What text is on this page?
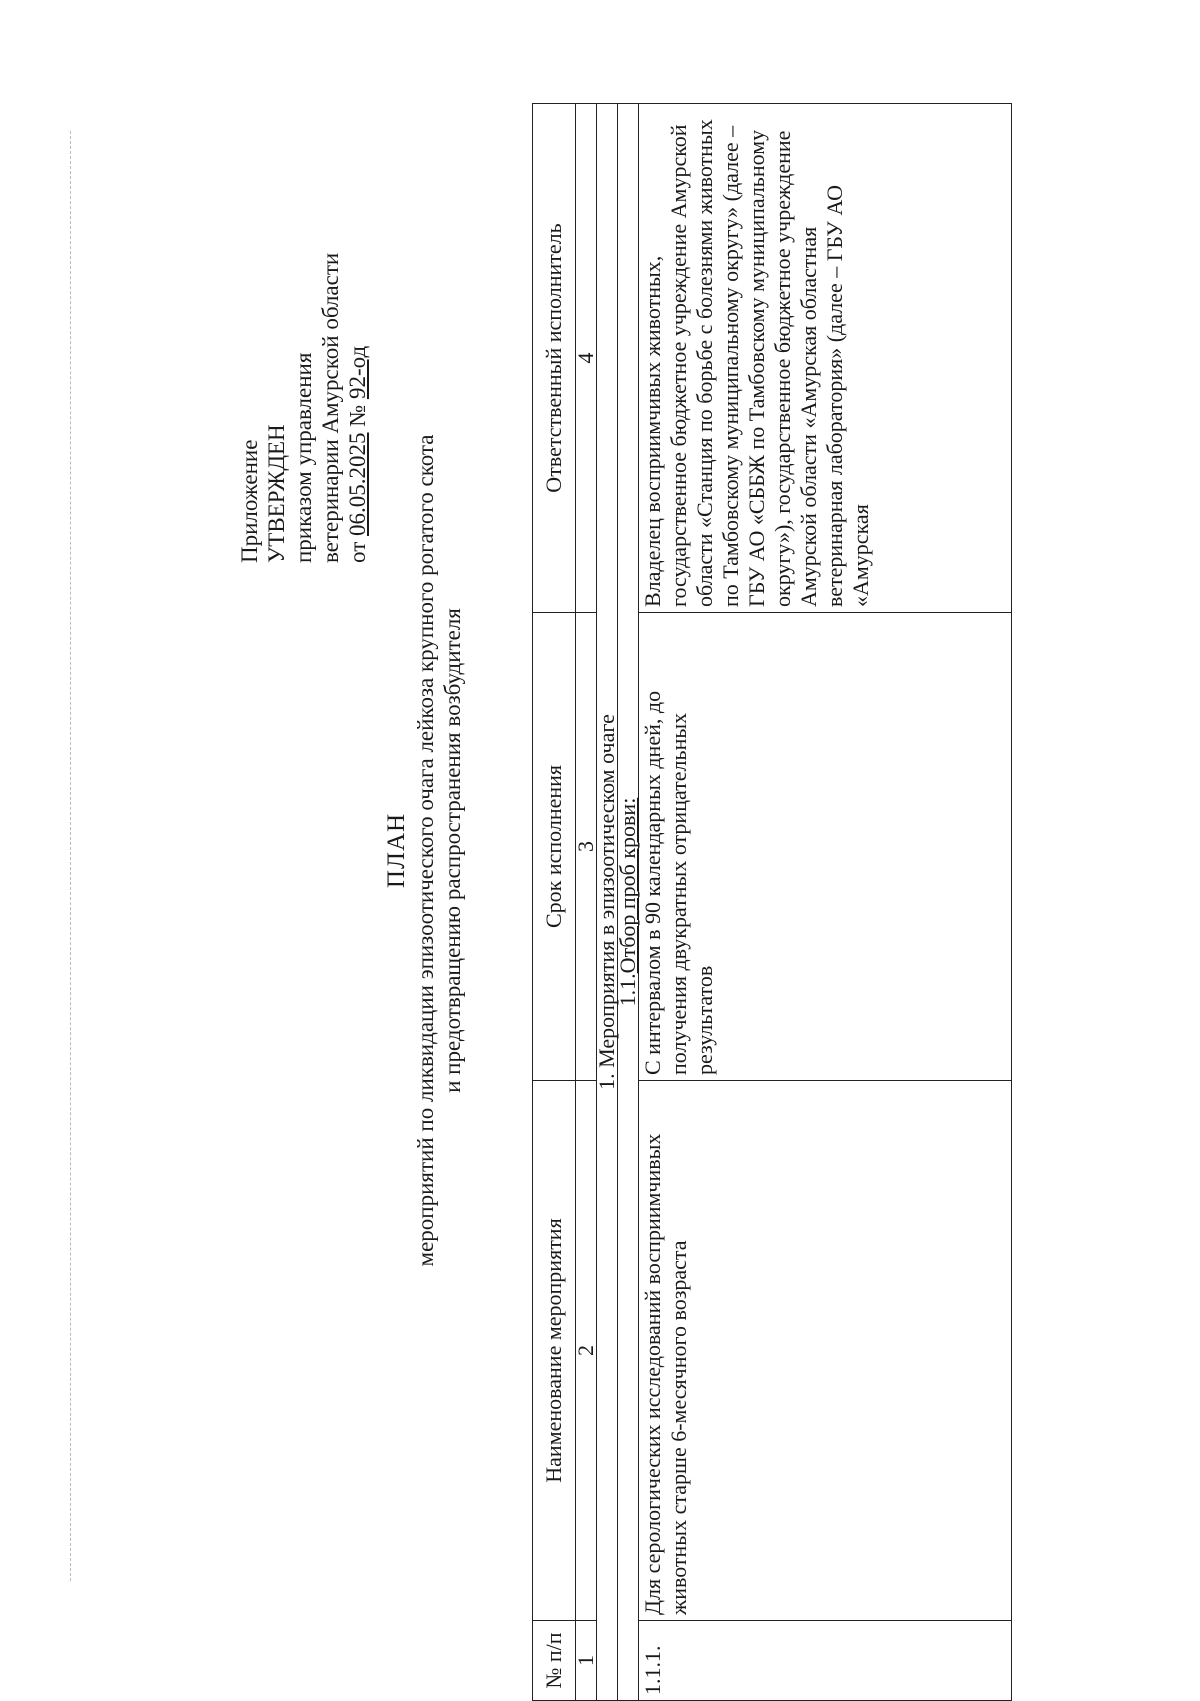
Приложение УТВЕРЖДЕН приказом управления ветеринарии Амурской области от 06.05.2025 № 92-од
ПЛАН мероприятий по ликвидации эпизоотического очага лейкоза крупного рогатого скота и предотвращению распространения возбудителя
№ п/п	Наименование мероприятия	Срок исполнения	Ответственный исполнитель
1	2	3	4
1. Мероприятия в эпизоотическом очаге			
1.1.Отбор проб крови:			
1.1.1.	Для серологических исследований восприимчивых животных старше 6-месячного возраста	С интервалом в 90 календарных дней, до получения двукратных отрицательных результатов	Владелец восприимчивых животных, государственное бюджетное учреждение Амурской области «Станция по борьбе с болезнями животных по Тамбовскому муниципальному округу» (далее – ГБУ АО «СББЖ по Тамбовскому муниципальному округу»), государственное бюджетное учреждение Амурской области «Амурская областная ветеринарная лаборатория» (далее – ГБУ АО «Амурская
